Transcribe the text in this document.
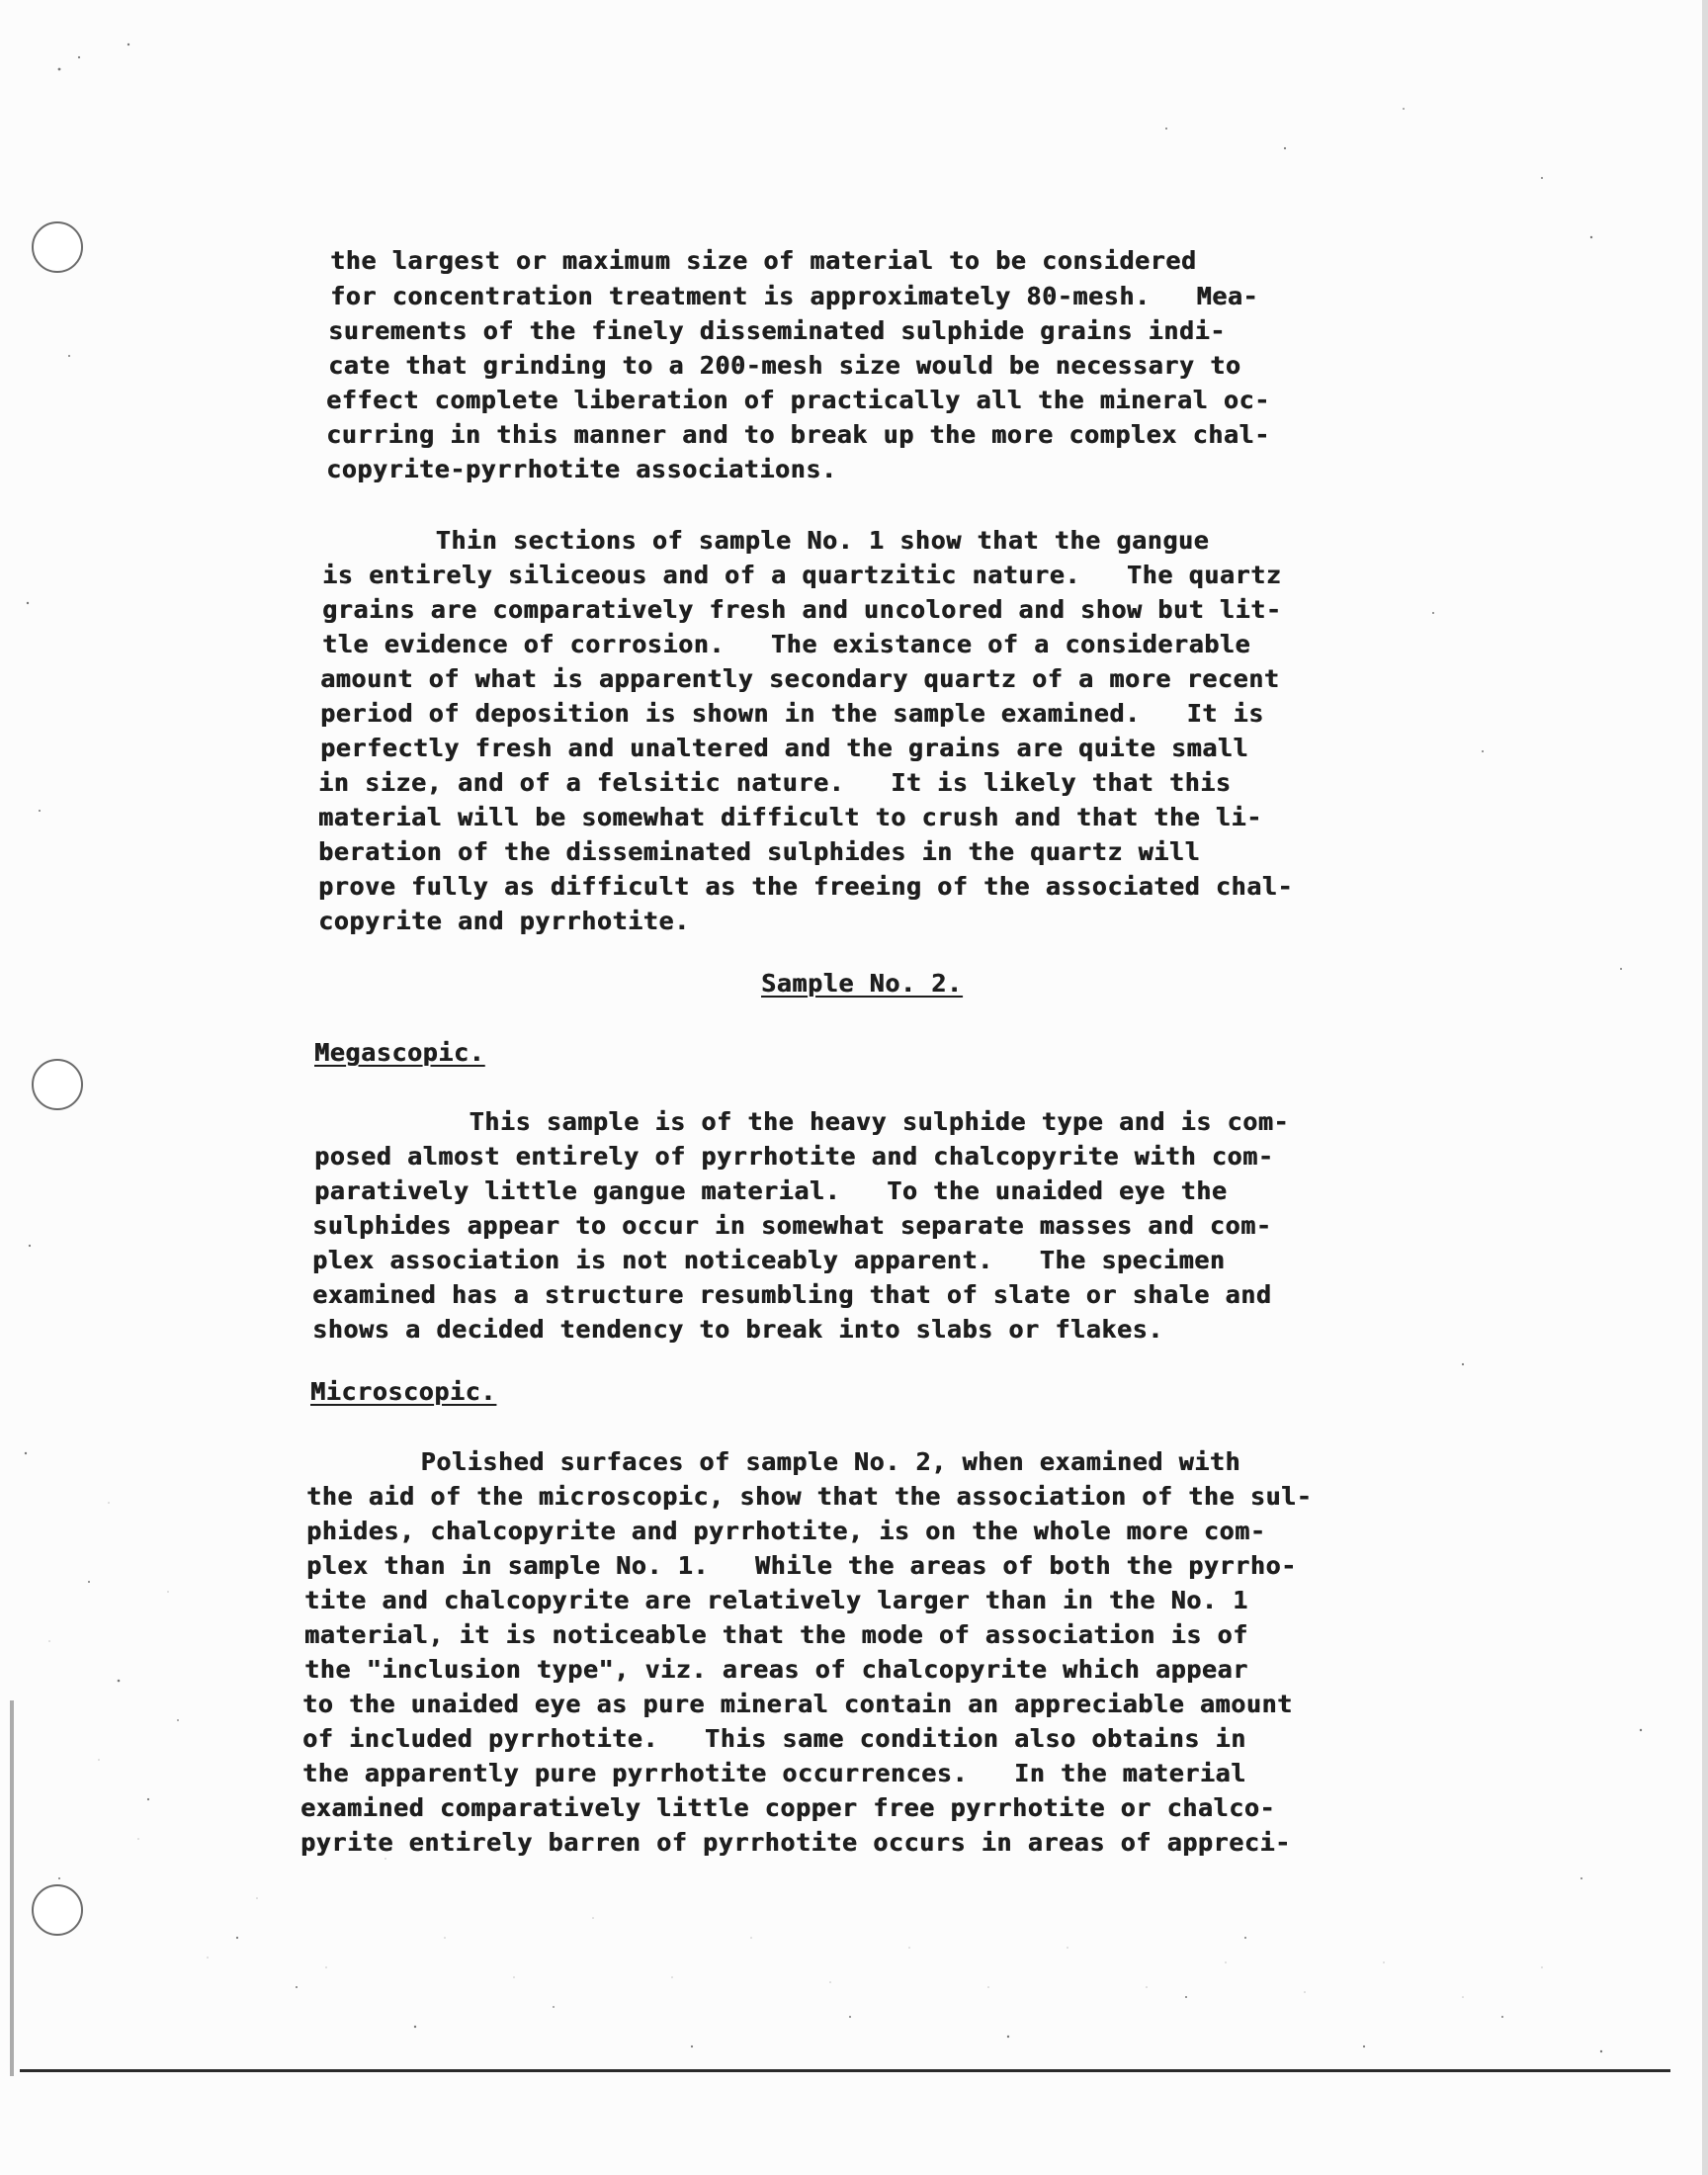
the largest or maximum size of material to be considered

for concentration treatment is approximately 80-mesh.   Mea-

surements of the finely disseminated sulphide grains indi-

cate that grinding to a 200-mesh size would be necessary to

effect complete liberation of practically all the mineral oc-

curring in this manner and to break up the more complex chal-

copyrite-pyrrhotite associations.

Thin sections of sample No. 1 show that the gangue

is entirely siliceous and of a quartzitic nature.   The quartz

grains are comparatively fresh and uncolored and show but lit-

tle evidence of corrosion.   The existance of a considerable

amount of what is apparently secondary quartz of a more recent

period of deposition is shown in the sample examined.   It is

perfectly fresh and unaltered and the grains are quite small

in size, and of a felsitic nature.   It is likely that this

material will be somewhat difficult to crush and that the li-

beration of the disseminated sulphides in the quartz will

prove fully as difficult as the freeing of the associated chal-

copyrite and pyrrhotite.

Sample No. 2.

Megascopic.

This sample is of the heavy sulphide type and is com-

posed almost entirely of pyrrhotite and chalcopyrite with com-

paratively little gangue material.   To the unaided eye the

sulphides appear to occur in somewhat separate masses and com-

plex association is not noticeably apparent.   The specimen

examined has a structure resumbling that of slate or shale and

shows a decided tendency to break into slabs or flakes.

Microscopic.

Polished surfaces of sample No. 2, when examined with

the aid of the microscopic, show that the association of the sul-

phides, chalcopyrite and pyrrhotite, is on the whole more com-

plex than in sample No. 1.   While the areas of both the pyrrho-

tite and chalcopyrite are relatively larger than in the No. 1

material, it is noticeable that the mode of association is of

the "inclusion type", viz. areas of chalcopyrite which appear

to the unaided eye as pure mineral contain an appreciable amount

of included pyrrhotite.   This same condition also obtains in

the apparently pure pyrrhotite occurrences.   In the material

examined comparatively little copper free pyrrhotite or chalco-

pyrite entirely barren of pyrrhotite occurs in areas of appreci-
